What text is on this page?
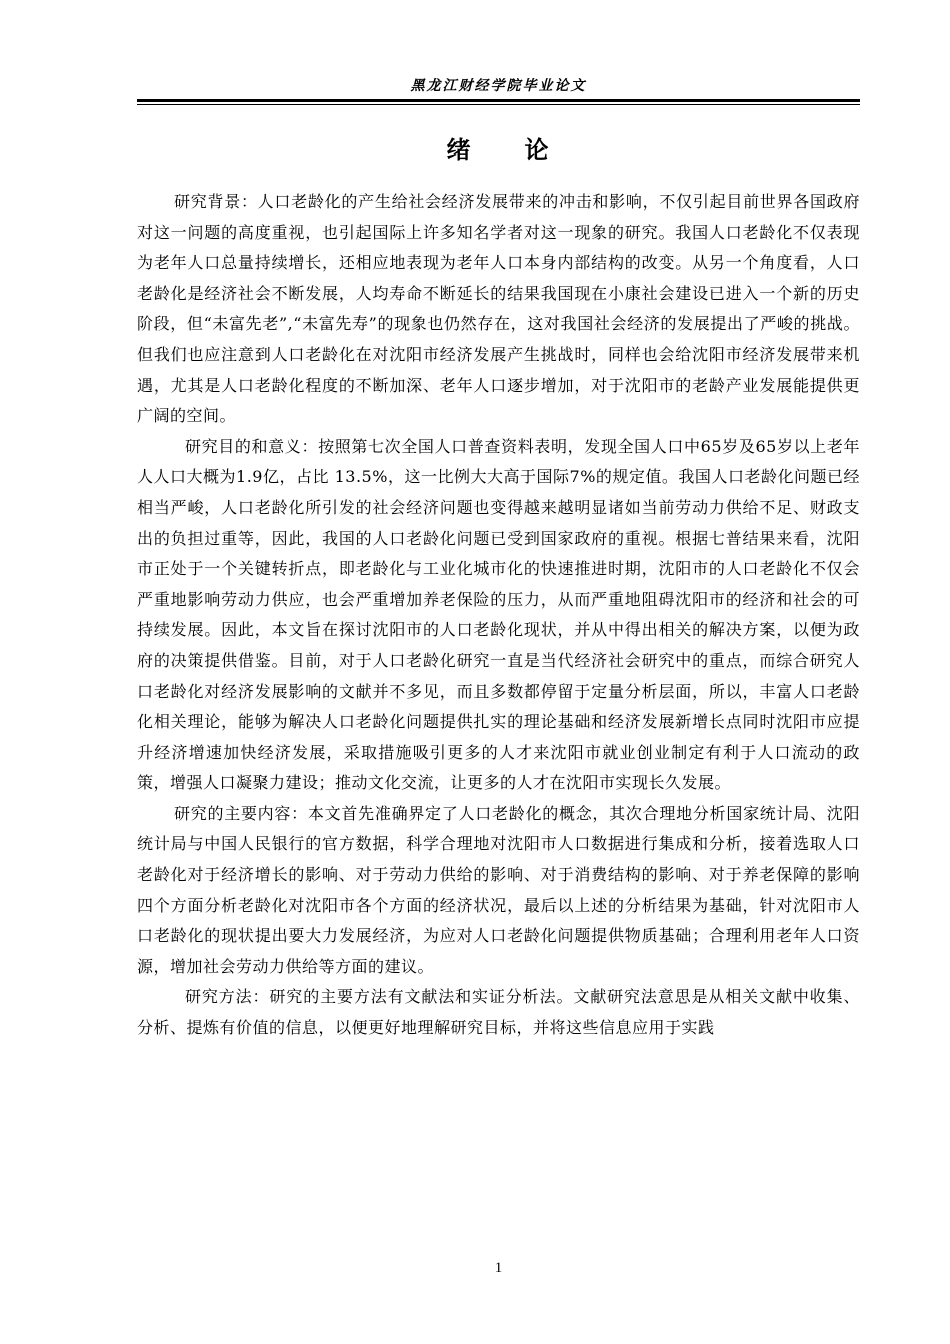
黑龙江财经学院毕业论文
绪　　论

研究背景：人口老龄化的产生给社会经济发展带来的冲击和影响，不仅引起目前世界各国政府对这一问题的高度重视，也引起国际上许多知名学者对这一现象的研究。我国人口老龄化不仅表现为老年人口总量持续增长，还相应地表现为老年人口本身内部结构的改变。从另一个角度看，人口老龄化是经济社会不断发展，人均寿命不断延长的结果我国现在小康社会建设已进入一个新的历史阶段，但“未富先老”,“未富先寿”的现象也仍然存在，这对我国社会经济的发展提出了严峻的挑战。但我们也应注意到人口老龄化在对沈阳市经济发展产生挑战时，同样也会给沈阳市经济发展带来机遇，尤其是人口老龄化程度的不断加深、老年人口逐步增加，对于沈阳市的老龄产业发展能提供更广阔的空间。

研究目的和意义：按照第七次全国人口普查资料表明，发现全国人口中65岁及65岁以上老年人人口大概为1.9亿，占比 13.5%，这一比例大大高于国际7%的规定值。我国人口老龄化问题已经相当严峻，人口老龄化所引发的社会经济问题也变得越来越明显诸如当前劳动力供给不足、财政支出的负担过重等，因此，我国的人口老龄化问题已受到国家政府的重视。根据七普结果来看，沈阳市正处于一个关键转折点，即老龄化与工业化城市化的快速推进时期，沈阳市的人口老龄化不仅会严重地影响劳动力供应，也会严重增加养老保险的压力，从而严重地阻碍沈阳市的经济和社会的可持续发展。因此，本文旨在探讨沈阳市的人口老龄化现状，并从中得出相关的解决方案，以便为政府的决策提供借鉴。目前，对于人口老龄化研究一直是当代经济社会研究中的重点，而综合研究人口老龄化对经济发展影响的文献并不多见，而且多数都停留于定量分析层面，所以，丰富人口老龄化相关理论，能够为解决人口老龄化问题提供扎实的理论基础和经济发展新增长点同时沈阳市应提升经济增速加快经济发展，采取措施吸引更多的人才来沈阳市就业创业制定有利于人口流动的政策，增强人口凝聚力建设；推动文化交流，让更多的人才在沈阳市实现长久发展。

研究的主要内容：本文首先准确界定了人口老龄化的概念，其次合理地分析国家统计局、沈阳统计局与中国人民银行的官方数据，科学合理地对沈阳市人口数据进行集成和分析，接着选取人口老龄化对于经济增长的影响、对于劳动力供给的影响、对于消费结构的影响、对于养老保障的影响四个方面分析老龄化对沈阳市各个方面的经济状况，最后以上述的分析结果为基础，针对沈阳市人口老龄化的现状提出要大力发展经济，为应对人口老龄化问题提供物质基础；合理利用老年人口资源，增加社会劳动力供给等方面的建议。

研究方法：研究的主要方法有文献法和实证分析法。文献研究法意思是从相关文献中收集、分析、提炼有价值的信息，以便更好地理解研究目标，并将这些信息应用于实践

1
